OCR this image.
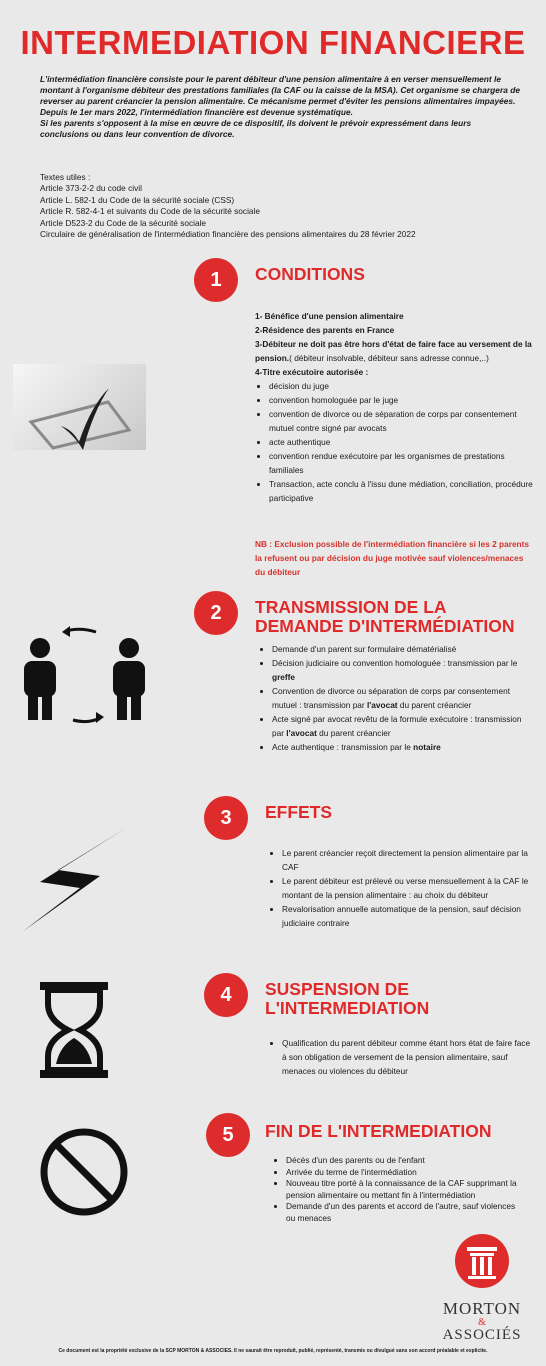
INTERMEDIATION FINANCIERE

L'intermédiation financière consiste pour le parent débiteur d'une pension alimentaire à en verser mensuellement le montant à l'organisme débiteur des prestations familiales (la CAF ou la caisse de la MSA). Cet organisme se chargera de reverser au parent créancier la pension alimentaire. Ce mécanisme permet d'éviter les pensions alimentaires impayées.

Depuis le 1er mars 2022, l'intermédiation financière est devenue systématique.

Si les parents s'opposent à la mise en œuvre de ce dispositif, ils doivent le prévoir expressément dans leurs conclusions ou dans leur convention de divorce.

Textes utiles :
Article 373-2-2 du code civil
Article L. 582-1 du Code de la sécurité sociale (CSS)
Article R. 582-4-1 et suivants du Code de la sécurité sociale
Article D523-2 du Code de la sécurité sociale
Circulaire de généralisation de l'intermédiation financière des pensions alimentaires du 28 février 2022
1	CONDITIONS

1- Bénéfice d'une pension alimentaire

2-Résidence des parents en France

3-Débiteur ne doit pas être hors d'état de faire face au versement de la pension.( débiteur insolvable, débiteur sans adresse connue,..)

4-Titre exécutoire autorisée :

• décision du juge
• convention homologuée par le juge
• convention de divorce ou de séparation de corps par consentement mutuel contre signé par avocats
• acte authentique
• convention rendue exécutoire par les organismes de prestations familiales
• Transaction, acte conclu à l'issu dune médiation, conciliation, procédure participative
NB : Exclusion possible de l'intermédiation financière si les 2 parents la refusent ou par décision du juge motivée sauf violences/menaces du débiteur
2	TRANSMISSION DE LA
DEMANDE D'INTERMÉDIATION
• Demande d'un parent sur formulaire dématérialisé
• Décision judiciaire ou convention homologuée : transmission par le greffe
• Convention de divorce ou séparation de corps par consentement mutuel : transmission par l'avocat du parent créancier
• Acte signé par avocat revêtu de la formule exécutoire : transmission par l'avocat du parent créancier
• Acte authentique : transmission par le notaire
3	EFFETS
• Le parent créancier reçoit directement la pension alimentaire par la CAF
• Le parent débiteur est prélevé ou verse mensuellement à la CAF le montant de la pension alimentaire : au choix du débiteur
• Revalorisation annuelle automatique de la pension, sauf décision judiciaire contraire
4	SUSPENSION DE
L'INTERMEDIATION
• Qualification du parent débiteur comme étant hors état de faire face à son obligation de versement de la pension alimentaire, sauf menaces ou violences du débiteur
5	FIN DE L'INTERMEDIATION
• Décès d'un des parents ou de l'enfant
• Arrivée du terme de l'intermédiation
• Nouveau titre porté à la connaissance de la CAF supprimant la pension alimentaire ou mettant fin à l'intermédiation
• Demande d'un des parents et accord de l'autre, sauf violences ou menaces
MORTON
&
ASSOCIÉS
Ce document est la propriété exclusive de la SCP MORTON & ASSOCIES. Il ne saurait être reproduit, publié, représenté, transmis ou divulgué sans son accord préalable et explicite.
